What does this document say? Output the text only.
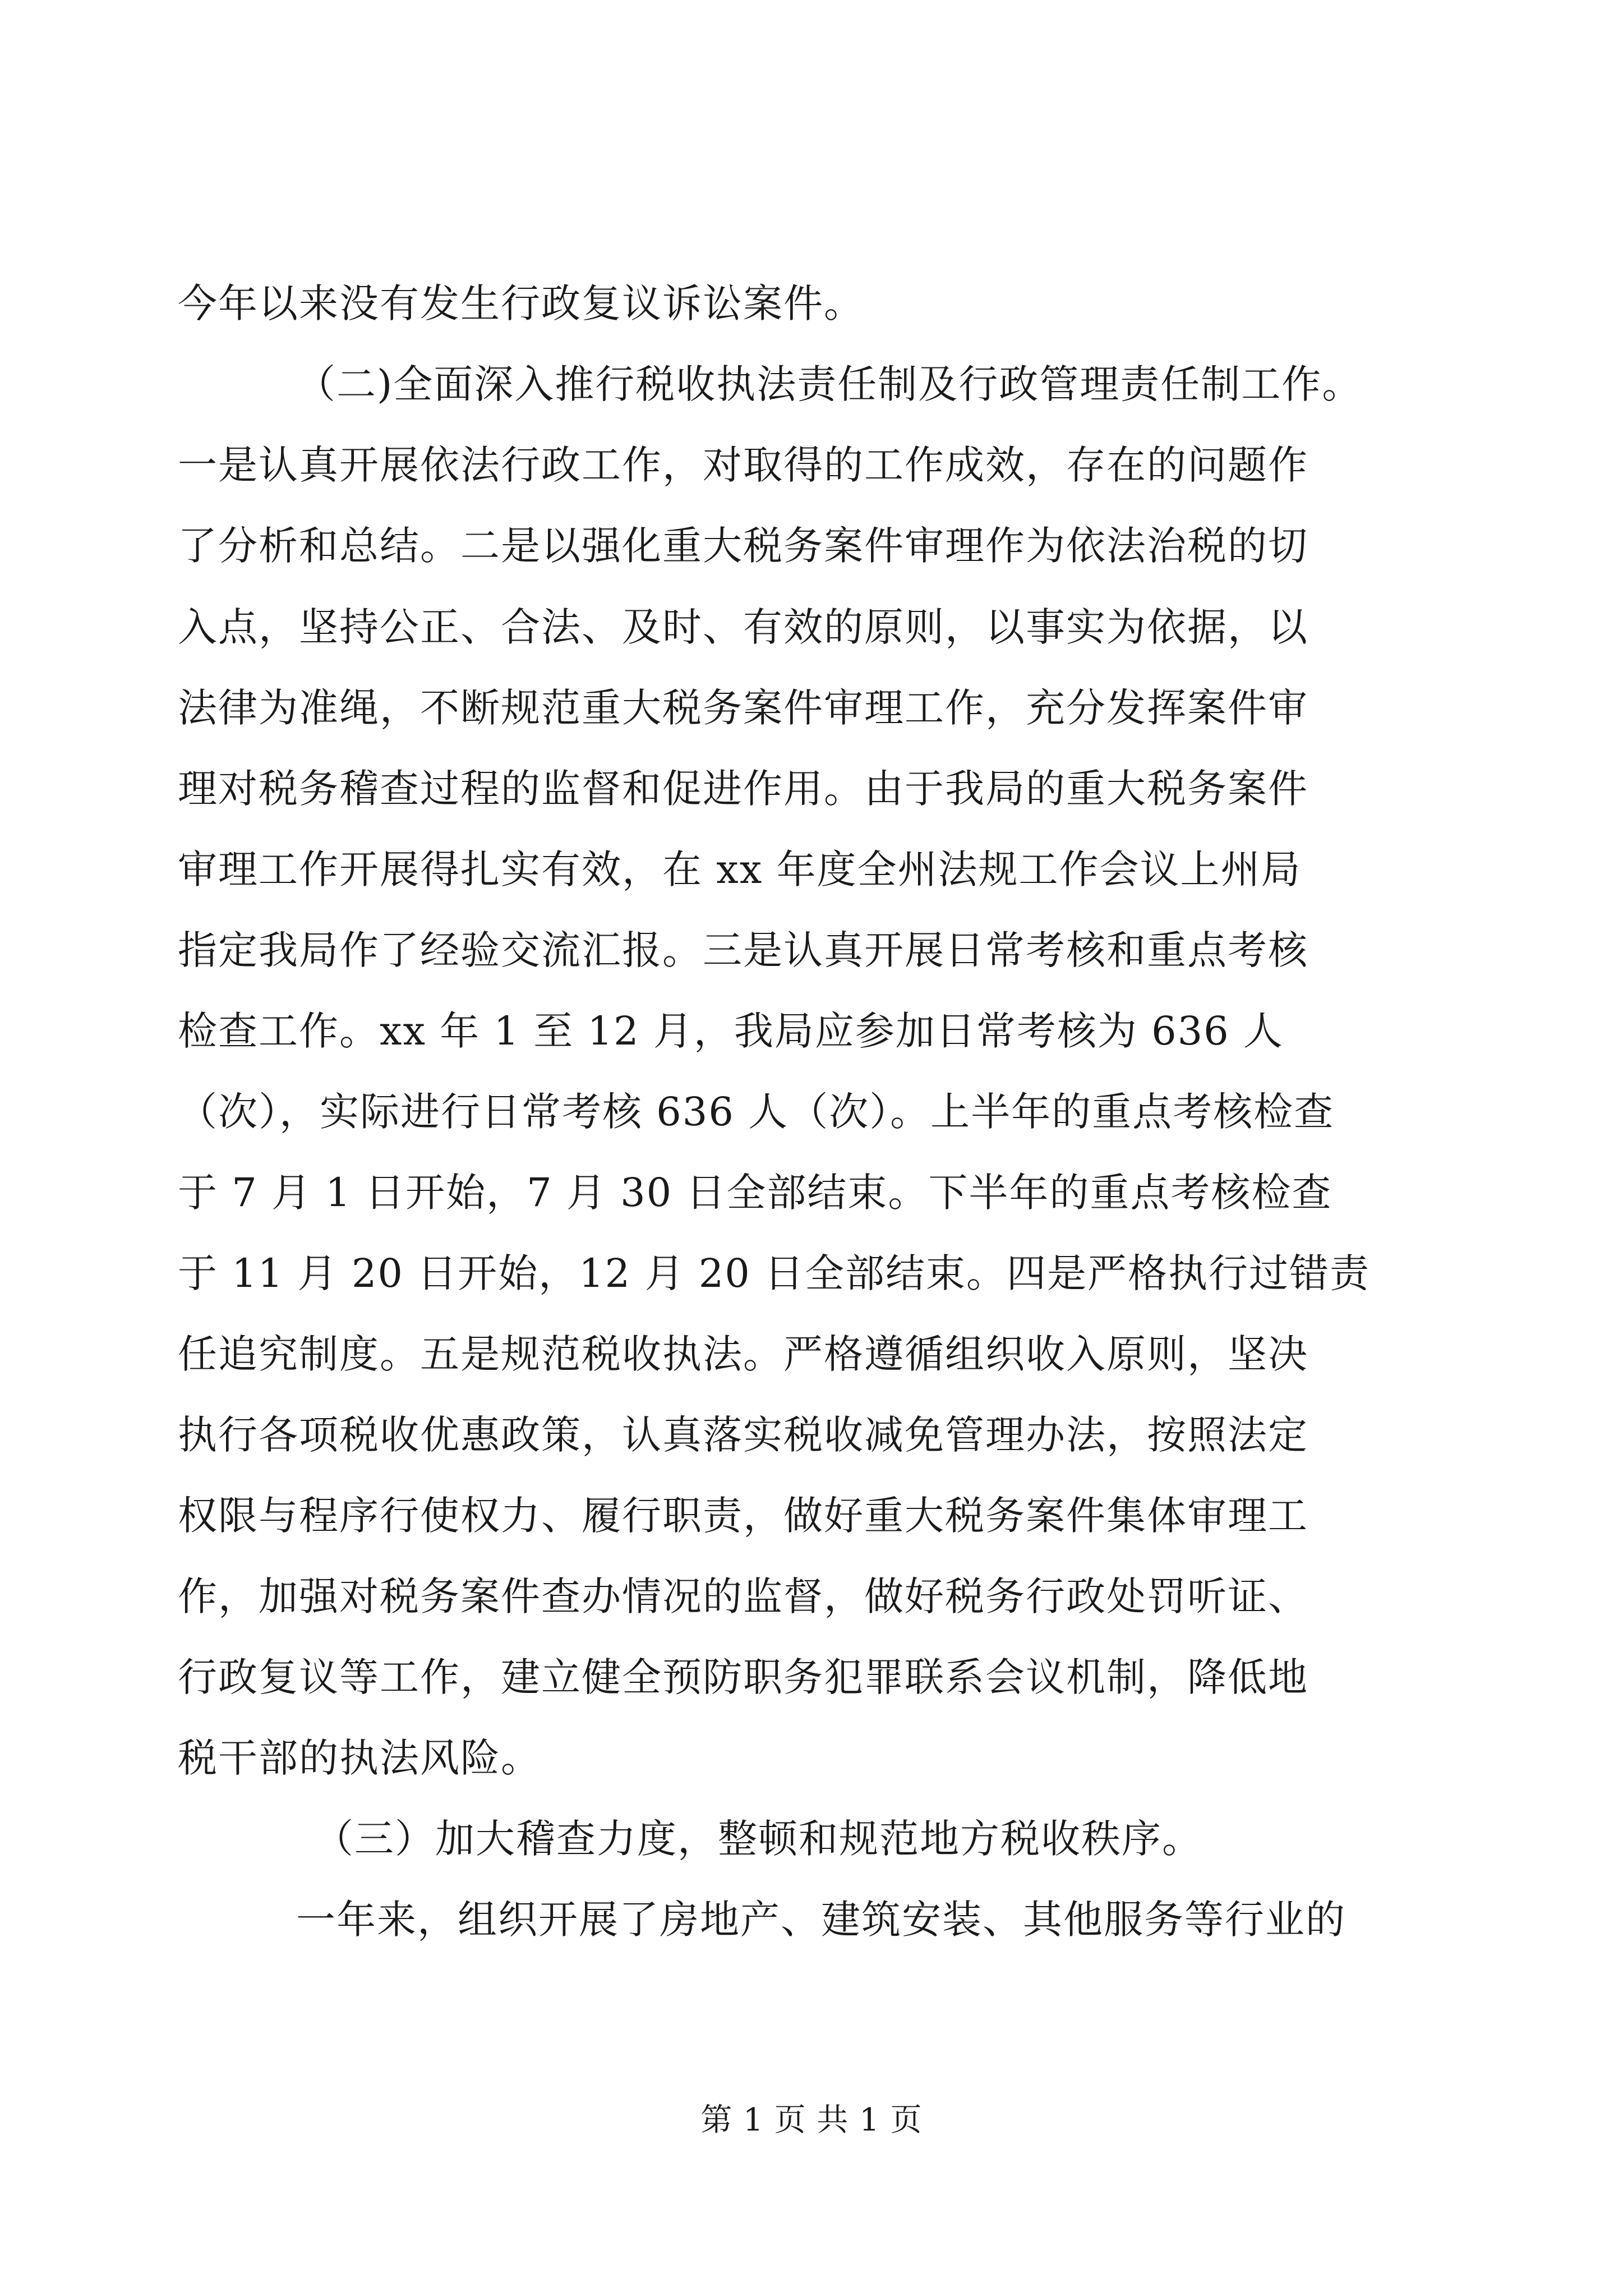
今年以来没有发生行政复议诉讼案件。
（二)全面深入推行税收执法责任制及行政管理责任制工作。
一是认真开展依法行政工作，对取得的工作成效，存在的问题作
了分析和总结。二是以强化重大税务案件审理作为依法治税的切
入点，坚持公正、合法、及时、有效的原则，以事实为依据，以
法律为准绳，不断规范重大税务案件审理工作，充分发挥案件审
理对税务稽查过程的监督和促进作用。由于我局的重大税务案件
审理工作开展得扎实有效，在 xx 年度全州法规工作会议上州局
指定我局作了经验交流汇报。三是认真开展日常考核和重点考核
检查工作。xx 年 1 至 12 月，我局应参加日常考核为 636 人
（次），实际进行日常考核 636 人（次）。上半年的重点考核检查
于 7 月 1 日开始，7 月 30 日全部结束。下半年的重点考核检查
于 11 月 20 日开始，12 月 20 日全部结束。四是严格执行过错责
任追究制度。五是规范税收执法。严格遵循组织收入原则，坚决
执行各项税收优惠政策，认真落实税收减免管理办法，按照法定
权限与程序行使权力、履行职责，做好重大税务案件集体审理工
作，加强对税务案件查办情况的监督，做好税务行政处罚听证、
行政复议等工作，建立健全预防职务犯罪联系会议机制，降低地
税干部的执法风险。
（三）加大稽查力度，整顿和规范地方税收秩序。
一年来，组织开展了房地产、建筑安装、其他服务等行业的
第 1 页 共 1 页
